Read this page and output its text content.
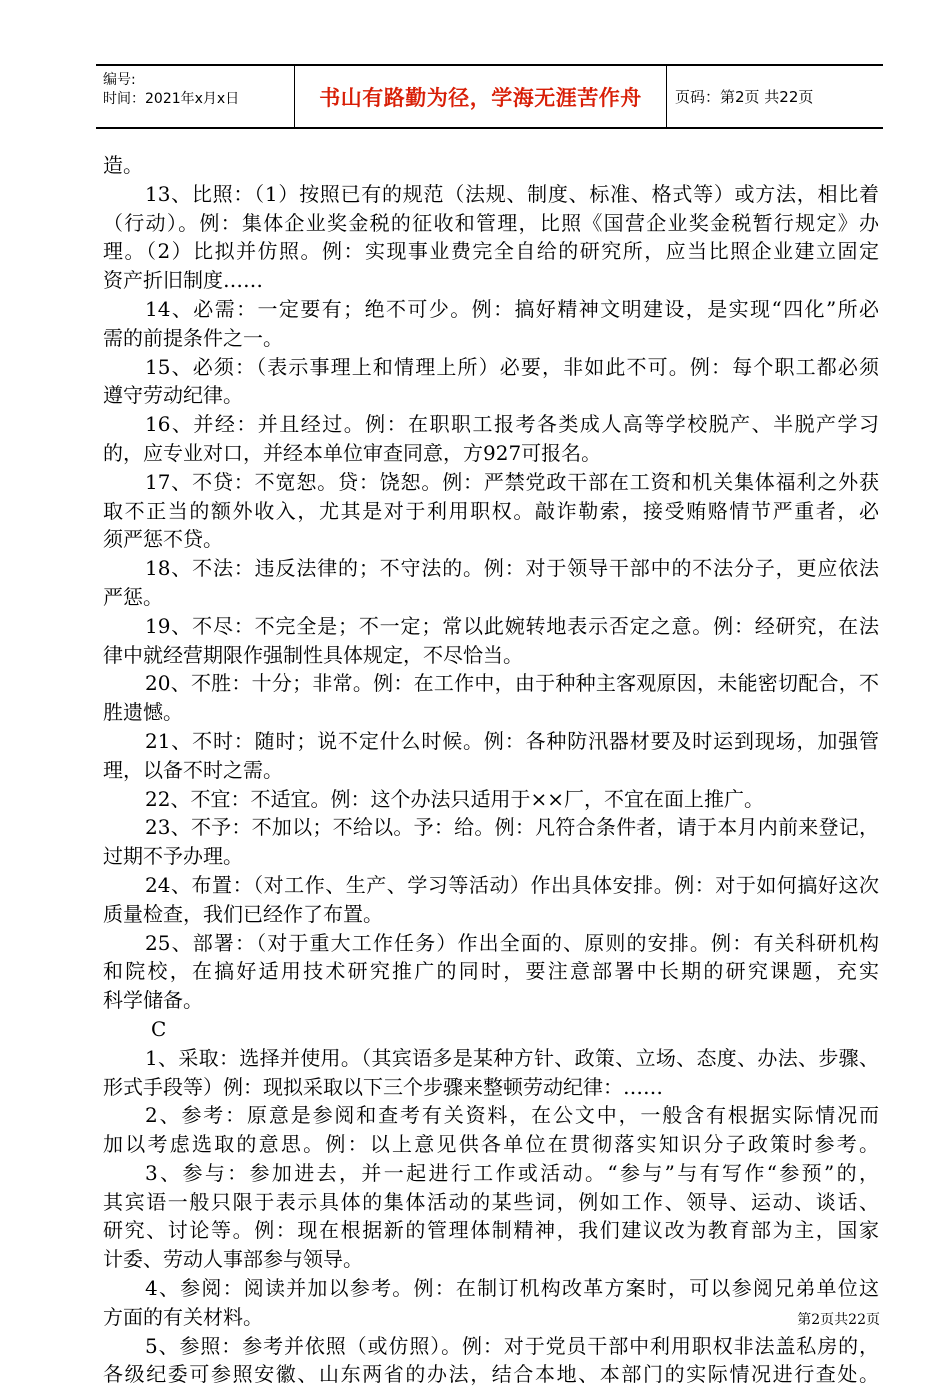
编号:
时间：2021年x月x日	书山有路勤为径，学海无涯苦作舟 页码：第2页 共22页
造。
13、比照：（1）按照已有的规范（法规、制度、标准、格式等）或方法，相比着
（行动）。例：集体企业奖金税的征收和管理，比照《国营企业奖金税暂行规定》办
理。（2）比拟并仿照。例：实现事业费完全自给的研究所，应当比照企业建立固定
资产折旧制度……
14、必需：一定要有；绝不可少。例：搞好精神文明建设，是实现“四化”所必
需的前提条件之一。
15、必须：（表示事理上和情理上所）必要，非如此不可。例：每个职工都必须
遵守劳动纪律。
16、并经：并且经过。例：在职职工报考各类成人高等学校脱产、半脱产学习
的，应专业对口，并经本单位审查同意，方927可报名。
17、不贷：不宽恕。贷：饶恕。例：严禁党政干部在工资和机关集体福利之外获
取不正当的额外收入，尤其是对于利用职权。敲诈勒索，接受贿赂情节严重者，必
须严惩不贷。
18、不法：违反法律的；不守法的。例：对于领导干部中的不法分子，更应依法
严惩。
19、不尽：不完全是；不一定；常以此婉转地表示否定之意。例：经研究，在法
律中就经营期限作强制性具体规定，不尽恰当。
20、不胜：十分；非常。例：在工作中，由于种种主客观原因，未能密切配合，不
胜遗憾。
21、不时：随时；说不定什么时候。例：各种防汛器材要及时运到现场，加强管
理，以备不时之需。
22、不宜：不适宜。例：这个办法只适用于××厂，不宜在面上推广。
23、不予：不加以；不给以。予：给。例：凡符合条件者，请于本月内前来登记，
过期不予办理。
24、布置：（对工作、生产、学习等活动）作出具体安排。例：对于如何搞好这次
质量检查，我们已经作了布置。
25、部署：（对于重大工作任务）作出全面的、原则的安排。例：有关科研机构
和院校，在搞好适用技术研究推广的同时，要注意部署中长期的研究课题，充实
科学储备。
C
1、采取：选择并使用。（其宾语多是某种方针、政策、立场、态度、办法、步骤、
形式手段等）例：现拟采取以下三个步骤来整顿劳动纪律：……
2、参考：原意是参阅和查考有关资料，在公文中，一般含有根据实际情况而
加以考虑选取的意思。例：以上意见供各单位在贯彻落实知识分子政策时参考。
3、参与：参加进去，并一起进行工作或活动。“参与”与有写作“参预”的，
其宾语一般只限于表示具体的集体活动的某些词，例如工作、领导、运动、谈话、
研究、讨论等。例：现在根据新的管理体制精神，我们建议改为教育部为主，国家
计委、劳动人事部参与领导。
4、参阅：阅读并加以参考。例：在制订机构改革方案时，可以参阅兄弟单位这
方面的有关材料。
5、参照：参考并依照（或仿照）。例：对于党员干部中利用职权非法盖私房的，
各级纪委可参照安徽、山东两省的办法，结合本地、本部门的实际情况进行查处。
第2页共22页
